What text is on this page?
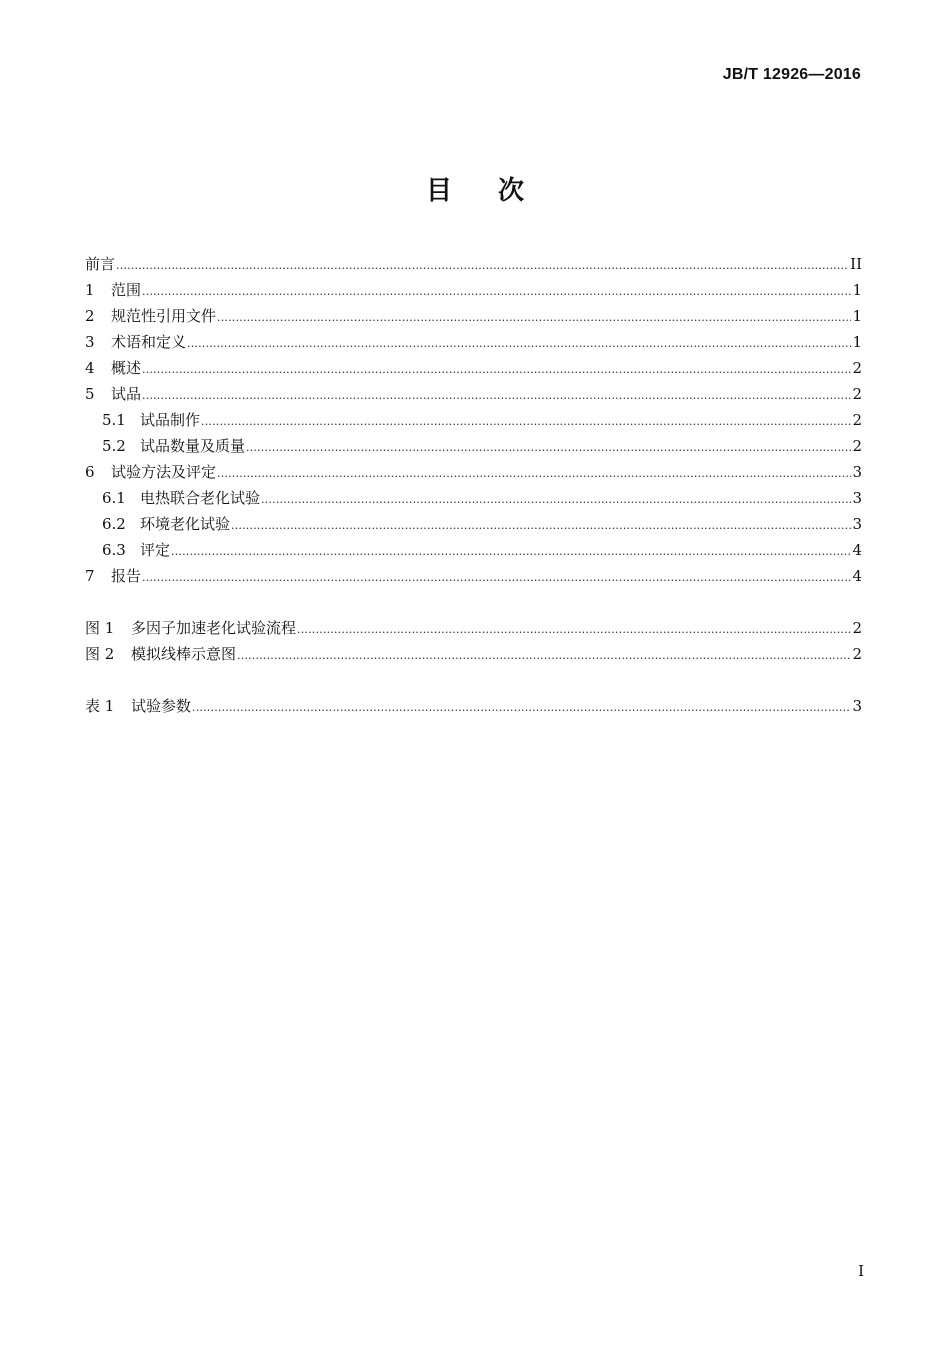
JB/T 12926—2016
目 次
前言 .....	II
1	范围 .....	1
2	规范性引用文件 .....	1
3	术语和定义 .....	1
4	概述 .....	2
5	试品 .....	2
5.1 试品制作 .....	2
5.2 试品数量及质量 .....	2
6	试验方法及评定 .....	3
6.1 电热联合老化试验 .....	3
6.2 环境老化试验 .....	3
6.3 评定 .....	4
7	报告 .....	4
图 1	多因子加速老化试验流程 .....	2
图 2	模拟线棒示意图 .....	2
表 1	试验参数 .....	3
I
